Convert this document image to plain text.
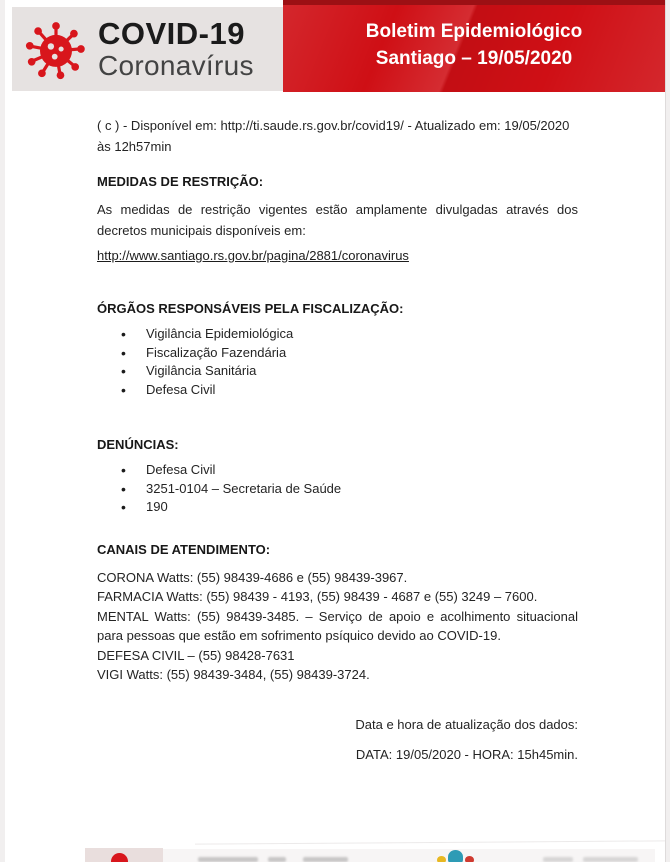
COVID-19
Coronavírus
Boletim Epidemiológico
Santiago – 19/05/2020
( c ) - Disponível em: http://ti.saude.rs.gov.br/covid19/ - Atualizado em: 19/05/2020 às 12h57min
MEDIDAS DE RESTRIÇÃO:
As medidas de restrição vigentes estão amplamente divulgadas através dos decretos municipais disponíveis em:
http://www.santiago.rs.gov.br/pagina/2881/coronavirus
ÓRGÃOS RESPONSÁVEIS PELA FISCALIZAÇÃO:
• Vigilância Epidemiológica
• Fiscalização Fazendária
• Vigilância Sanitária
• Defesa Civil
DENÚNCIAS:
• Defesa Civil
• 3251-0104 – Secretaria de Saúde
• 190
CANAIS DE ATENDIMENTO:
CORONA Watts: (55) 98439-4686 e (55) 98439-3967.
FARMACIA Watts: (55) 98439 - 4193, (55) 98439 - 4687 e (55) 3249 – 7600.
MENTAL Watts: (55) 98439-3485. – Serviço de apoio e acolhimento situacional para pessoas que estão em sofrimento psíquico devido ao COVID-19.
DEFESA CIVIL – (55) 98428-7631
VIGI Watts: (55) 98439-3484, (55) 98439-3724.
Data e hora de atualização dos dados:
DATA: 19/05/2020 - HORA: 15h45min.
